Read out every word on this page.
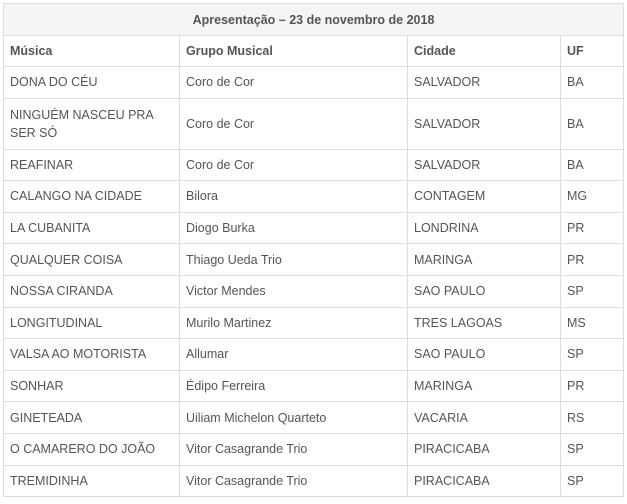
Apresentação – 23 de novembro de 2018			
Música	Grupo Musical	Cidade	UF
DONA DO CÉU	Coro de Cor	SALVADOR	BA
NINGUÉM NASCEU PRA SER SÓ	Coro de Cor	SALVADOR	BA
REAFINAR	Coro de Cor	SALVADOR	BA
CALANGO NA CIDADE	Bilora	CONTAGEM	MG
LA CUBANITA	Diogo Burka	LONDRINA	PR
QUALQUER COISA	Thiago Ueda Trio	MARINGA	PR
NOSSA CIRANDA	Victor Mendes	SAO PAULO	SP
LONGITUDINAL	Murilo Martinez	TRES LAGOAS	MS
VALSA AO MOTORISTA	Allumar	SAO PAULO	SP
SONHAR	Édipo Ferreira	MARINGA	PR
GINETEADA	Uiliam Michelon Quarteto	VACARIA	RS
O CAMARERO DO JOÃO	Vitor Casagrande Trio	PIRACICABA	SP
TREMIDINHA	Vitor Casagrande Trio	PIRACICABA	SP
